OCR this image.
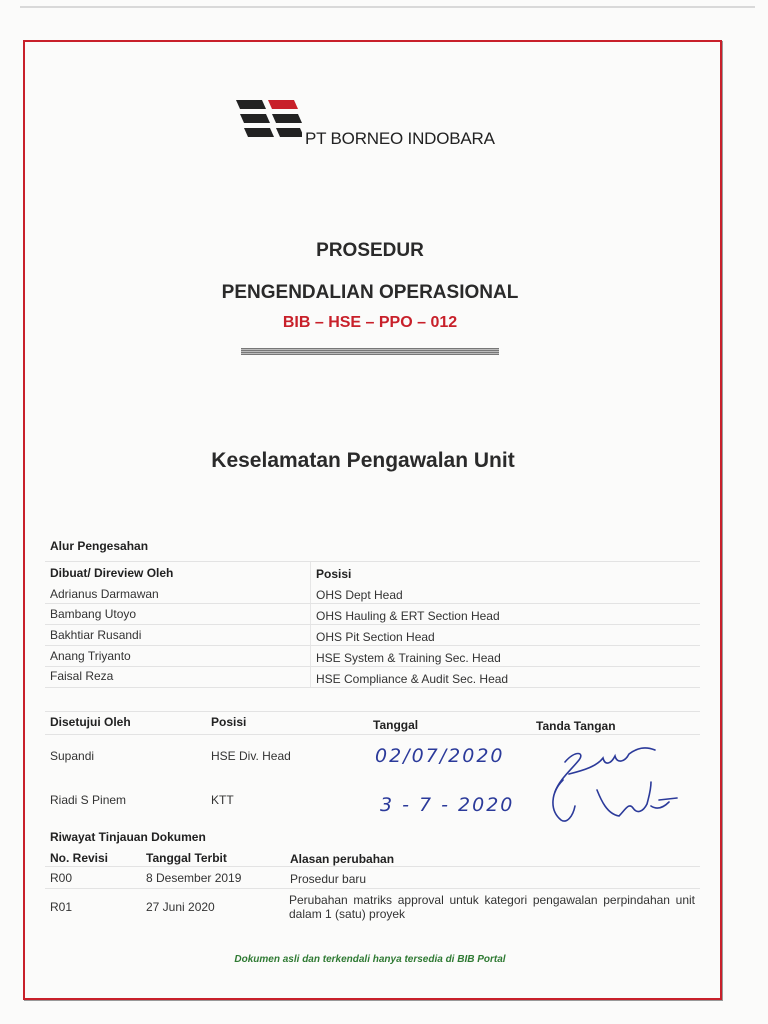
PT BORNEO INDOBARA
PROSEDUR
PENGENDALIAN OPERASIONAL
BIB – HSE – PPO – 012
Keselamatan Pengawalan Unit
Alur Pengesahan
Dibuat/ Direview Oleh	Posisi
Adrianus Darmawan	OHS Dept Head
Bambang Utoyo	OHS Hauling & ERT Section Head
Bakhtiar Rusandi	OHS Pit Section Head
Anang Triyanto	HSE System & Training Sec. Head
Faisal Reza	HSE Compliance & Audit Sec. Head
Disetujui Oleh	Posisi	Tanggal	Tanda Tangan
Supandi	HSE Div. Head	02/07/2020
Riadi S Pinem	KTT	3 - 7 - 2020
Riwayat Tinjauan Dokumen
No. Revisi	Tanggal Terbit	Alasan perubahan
R00	8 Desember 2019	Prosedur baru
R01	27 Juni 2020	Perubahan matriks approval untuk kategori pengawalan perpindahan unit dalam 1 (satu) proyek
Dokumen asli dan terkendali hanya tersedia di BIB Portal
